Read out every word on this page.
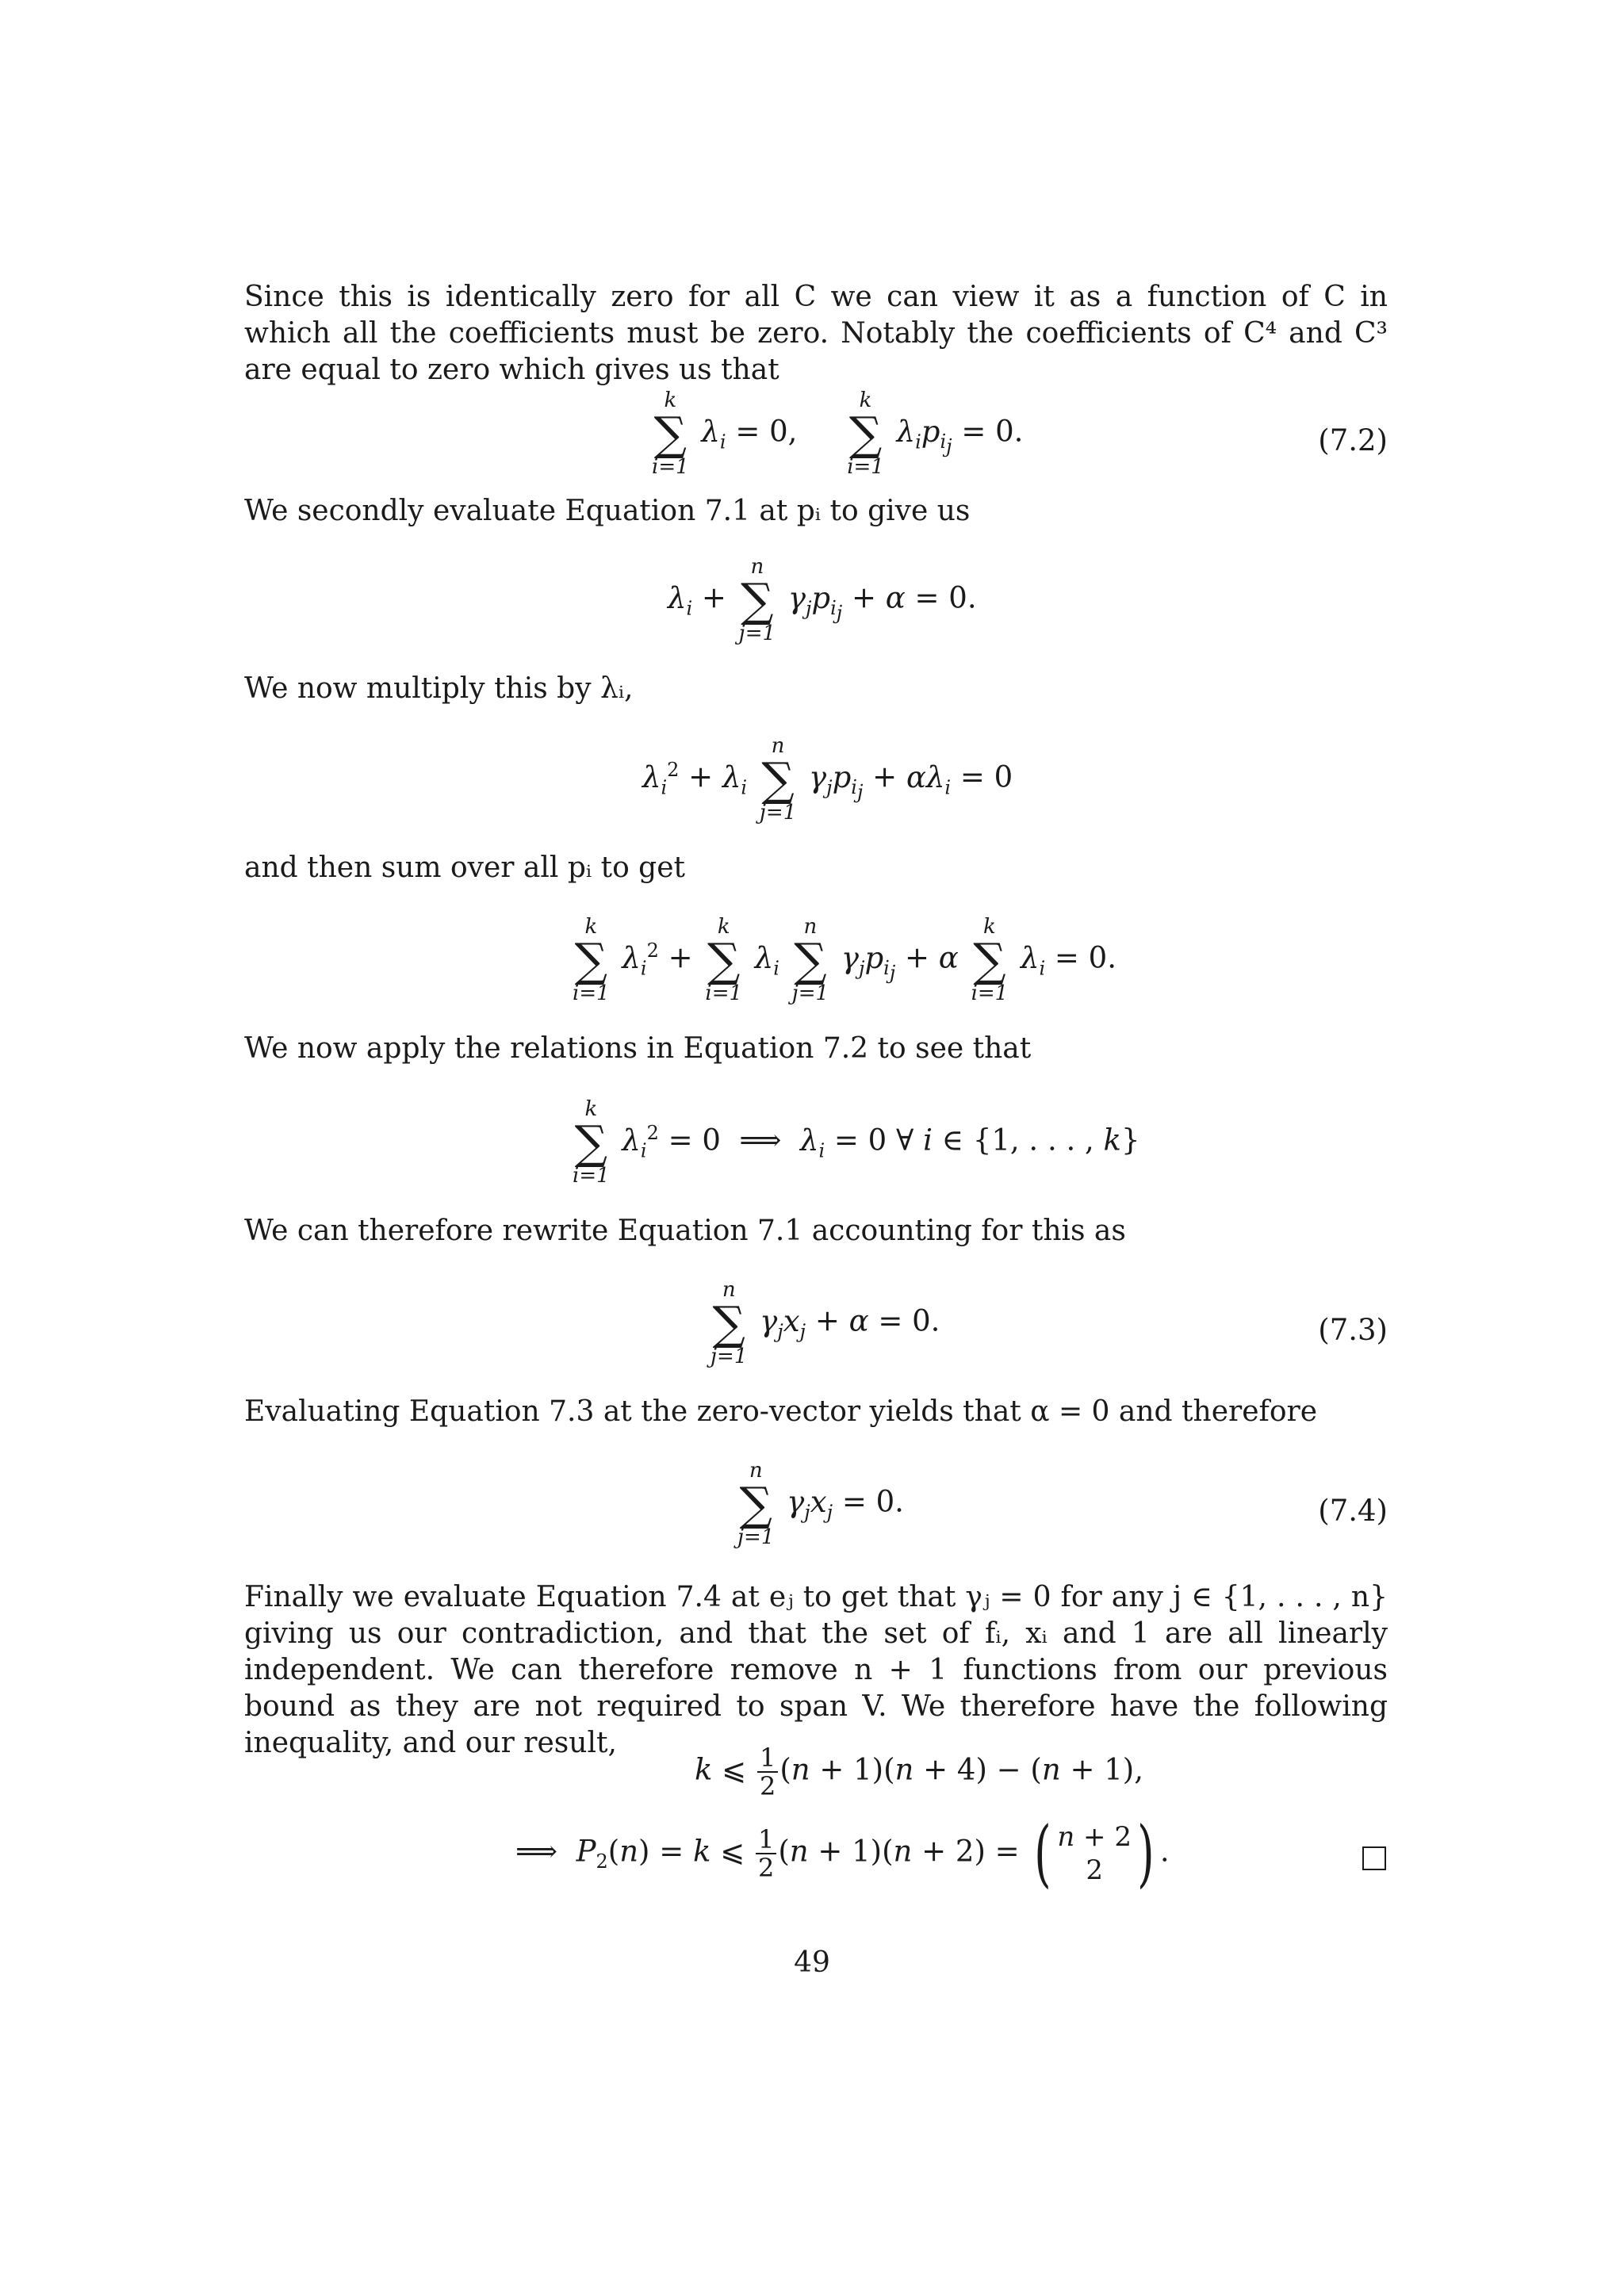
Since this is identically zero for all C we can view it as a function of C in which all the coefficients must be zero. Notably the coefficients of C⁴ and C³ are equal to zero which gives us that
k
∑
i=1
$\lambda_i = 0$,
k
∑
i=1
$\lambda_ip_{i_j} = 0$.	(7.2)
We secondly evaluate Equation 7.1 at pᵢ to give us
$\lambda_i$ +
n
∑
j=1
$\gamma_jp_{i_j} + \alpha = 0$.
We now multiply this by λᵢ,
$\lambda_i^2 + \lambda_i$
n
∑
j=1
$\gamma_jp_{i_j} + \alpha\lambda_i = 0$
and then sum over all pᵢ to get
k
∑
i=1
$\lambda_i^2$ +
k
∑
i=1
$\lambda_i$
n
∑
j=1
$\gamma_jp_{i_j} + \alpha$
k
∑
i=1
$\lambda_i = 0$.
We now apply the relations in Equation 7.2 to see that
k
∑
i=1
$\lambda_i^2 = 0$  ⟹  $\lambda_i = 0$ ∀ i ∈ {1, . . . , k}
We can therefore rewrite Equation 7.1 accounting for this as
n
∑
j=1
$\gamma_jx_j + \alpha = 0$.	(7.3)
Evaluating Equation 7.3 at the zero-vector yields that α = 0 and therefore
n
∑
j=1
$\gamma_jx_j = 0$.	(7.4)
Finally we evaluate Equation 7.4 at eⱼ to get that γⱼ = 0 for any j ∈ {1, . . . , n} giving us our contradiction, and that the set of fᵢ, xᵢ and 1 are all linearly independent. We can therefore remove n + 1 functions from our previous bound as they are not required to span V. We therefore have the following inequality, and our result,
k ⩽ $\frac{1}{2} (n + 1)(n + 4) - (n + 1)$,
⟹  $P_2(n) = k$ ⩽ $\frac{1}{2} (n + 1)(n + 2)$ = ( n + 2
2 ) .
49
